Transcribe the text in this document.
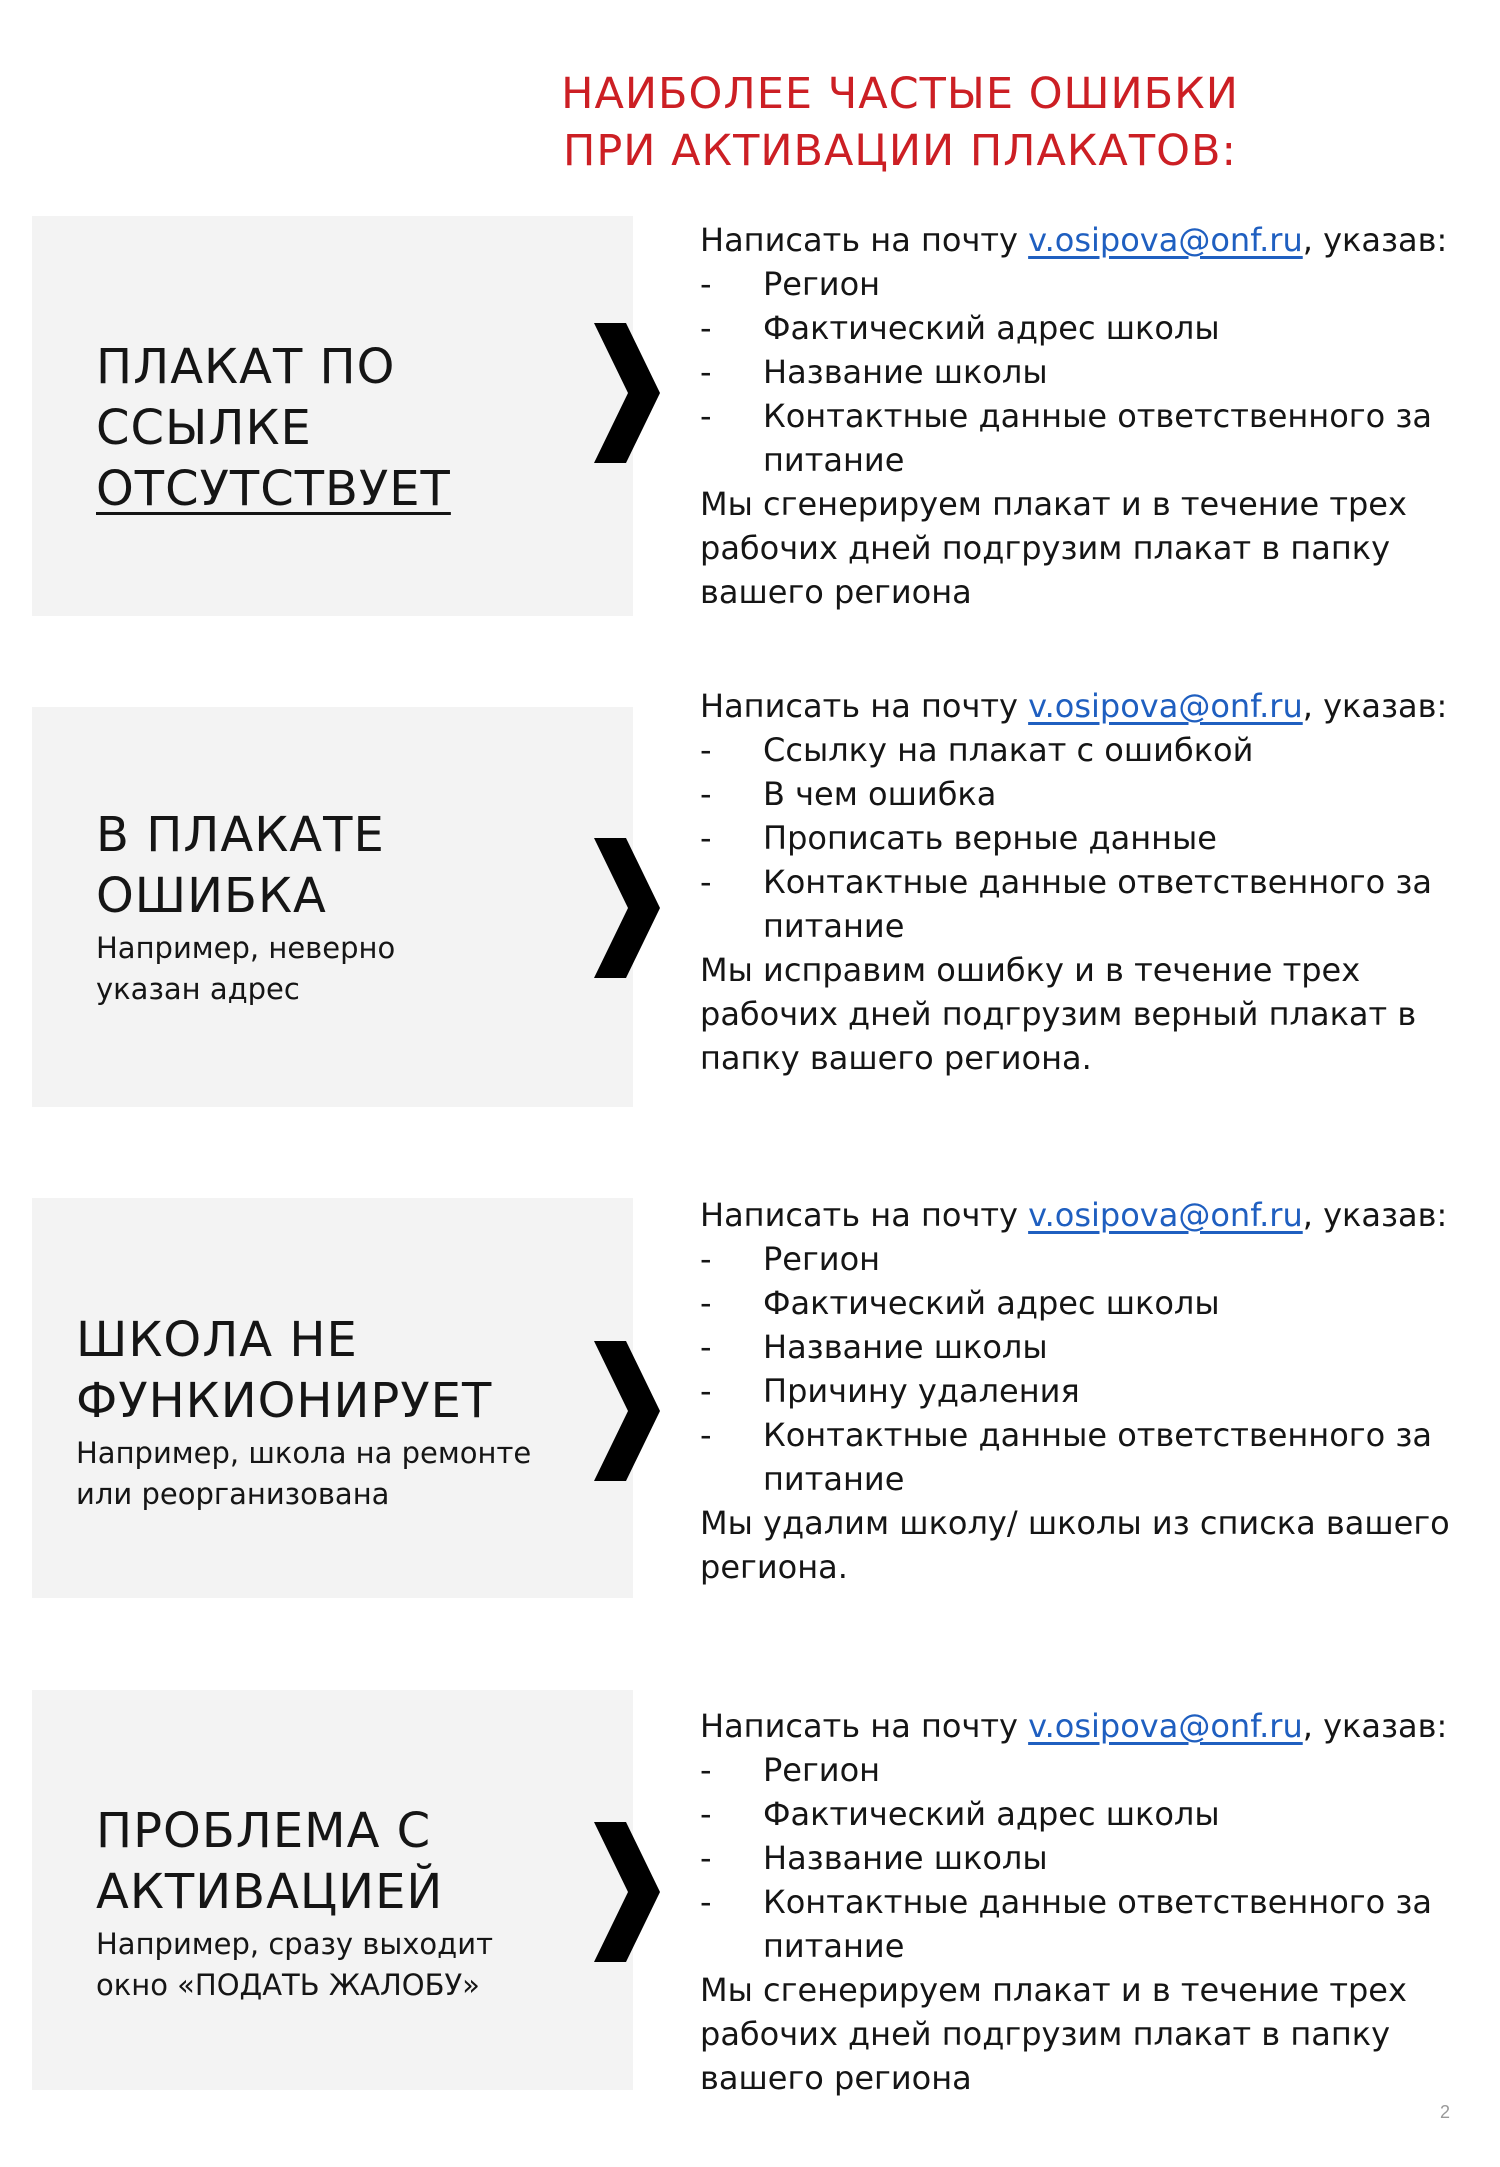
НАИБОЛЕЕ ЧАСТЫЕ ОШИБКИ
ПРИ АКТИВАЦИИ ПЛАКАТОВ:
ПЛАКАТ ПО
ССЫЛКЕ
ОТСУТСТВУЕТ
Написать на почту v.osipova@onf.ru, указав:
-	Регион
-	Фактический адрес школы
-	Название школы
-	Контактные данные ответственного за
питание
Мы сгенерируем плакат и в течение трех
рабочих дней подгрузим плакат в папку
вашего региона
В ПЛАКАТЕ
ОШИБКА
Например, неверно
указан адрес
Написать на почту v.osipova@onf.ru, указав:
-	Ссылку на плакат с ошибкой
-	В чем ошибка
-	Прописать верные данные
-	Контактные данные ответственного за
питание
Мы исправим ошибку и в течение трех
рабочих дней подгрузим верный плакат в
папку вашего региона.
ШКОЛА НЕ
ФУНКИОНИРУЕТ
Например, школа на ремонте
или реорганизована
Написать на почту v.osipova@onf.ru, указав:
-	Регион
-	Фактический адрес школы
-	Название школы
-	Причину удаления
-	Контактные данные ответственного за
питание
Мы удалим школу/ школы из списка вашего
региона.
ПРОБЛЕМА С
АКТИВАЦИЕЙ
Например, сразу выходит
окно «ПОДАТЬ ЖАЛОБУ»
Написать на почту v.osipova@onf.ru, указав:
-	Регион
-	Фактический адрес школы
-	Название школы
-	Контактные данные ответственного за
питание
Мы сгенерируем плакат и в течение трех
рабочих дней подгрузим плакат в папку
вашего региона
2
